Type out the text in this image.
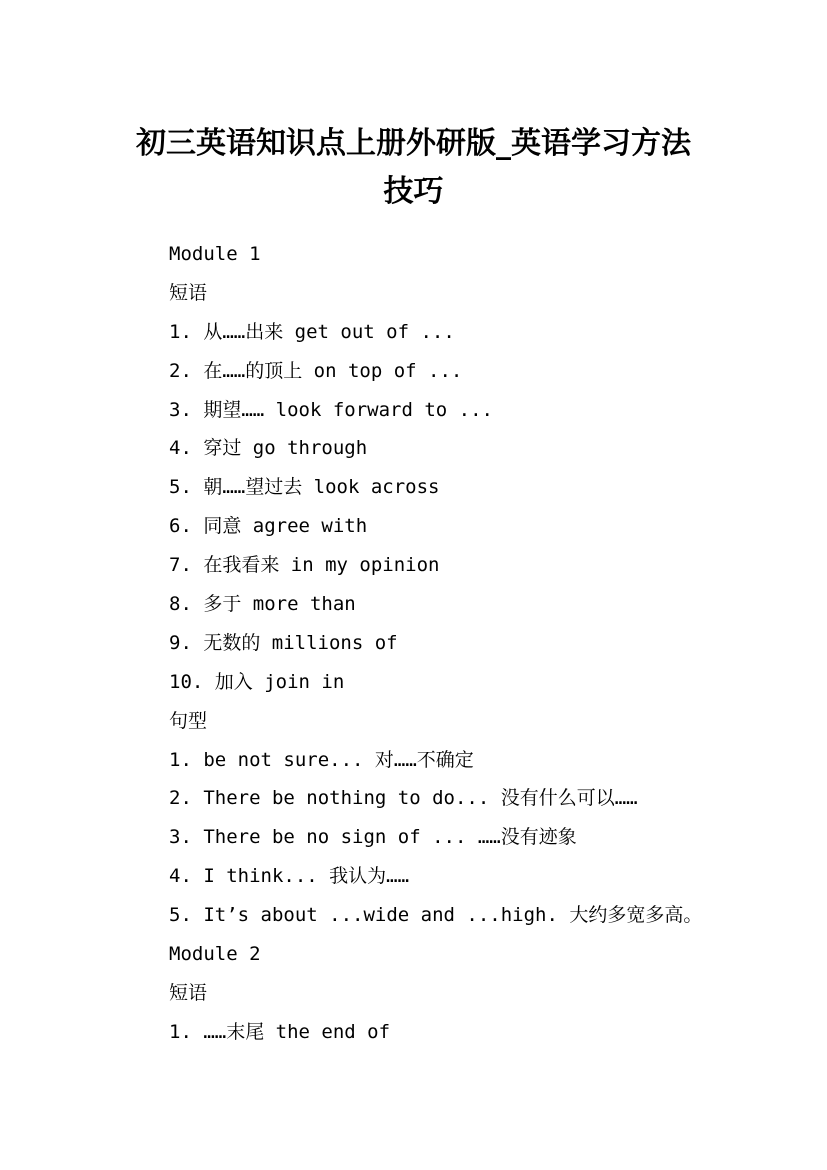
初三英语知识点上册外研版_英语学习方法
技巧
Module 1
短语
1. 从……出来 get out of ...
2. 在……的顶上 on top of ...
3. 期望…… look forward to ...
4. 穿过 go through
5. 朝……望过去 look across
6. 同意 agree with
7. 在我看来 in my opinion
8. 多于 more than
9. 无数的 millions of
10. 加入 join in
句型
1. be not sure... 对……不确定
2. There be nothing to do... 没有什么可以……
3. There be no sign of ... ……没有迹象
4. I think... 我认为……
5. It’s about ...wide and ...high. 大约多宽多高。
Module 2
短语
1. ……末尾 the end of
